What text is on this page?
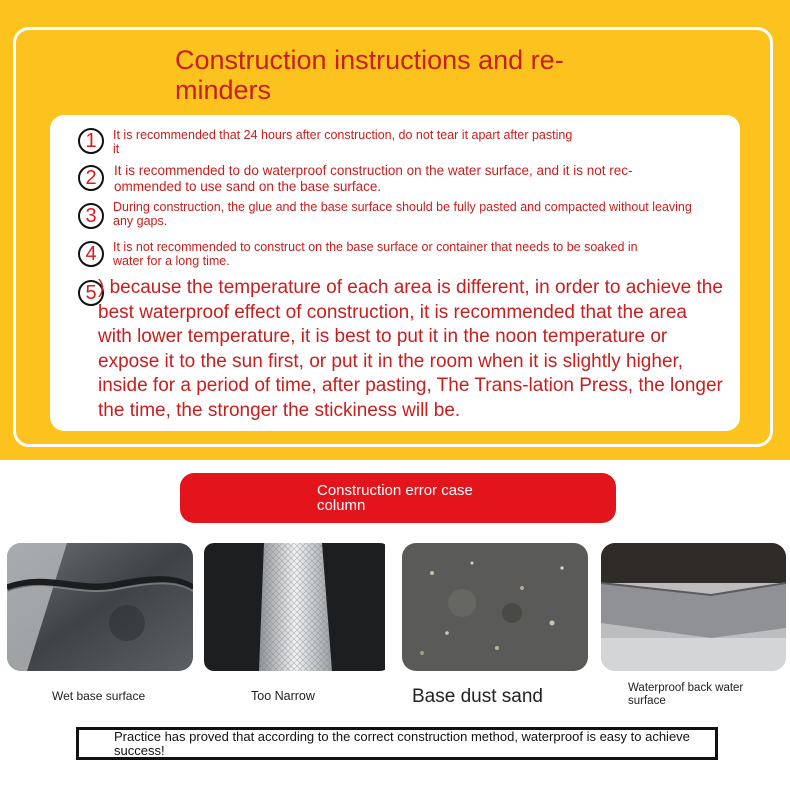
Construction instructions and re-minders
1	It is recommended that 24 hours after construction, do not tear it apart after pasting it
2	It is recommended to do waterproof construction on the water surface, and it is not rec-ommended to use sand on the base surface.
3	During construction, the glue and the base surface should be fully pasted and compacted without leaving any gaps.
4	It is not recommended to construct on the base surface or container that needs to be soaked in water for a long time.
5 ) because the temperature of each area is different, in order to achieve the best waterproof effect of construction, it is recommended that the area with lower temperature, it is best to put it in the noon temperature or expose it to the sun first, or put it in the room when it is slightly higher, inside for a period of time, after pasting, The Trans-lation Press, the longer the time, the stronger the stickiness will be.
Construction error case column
Wet base surface	Too Narrow	Base dust sand	Waterproof back water surface
Practice has proved that according to the correct construction method, waterproof is easy to achieve success!
